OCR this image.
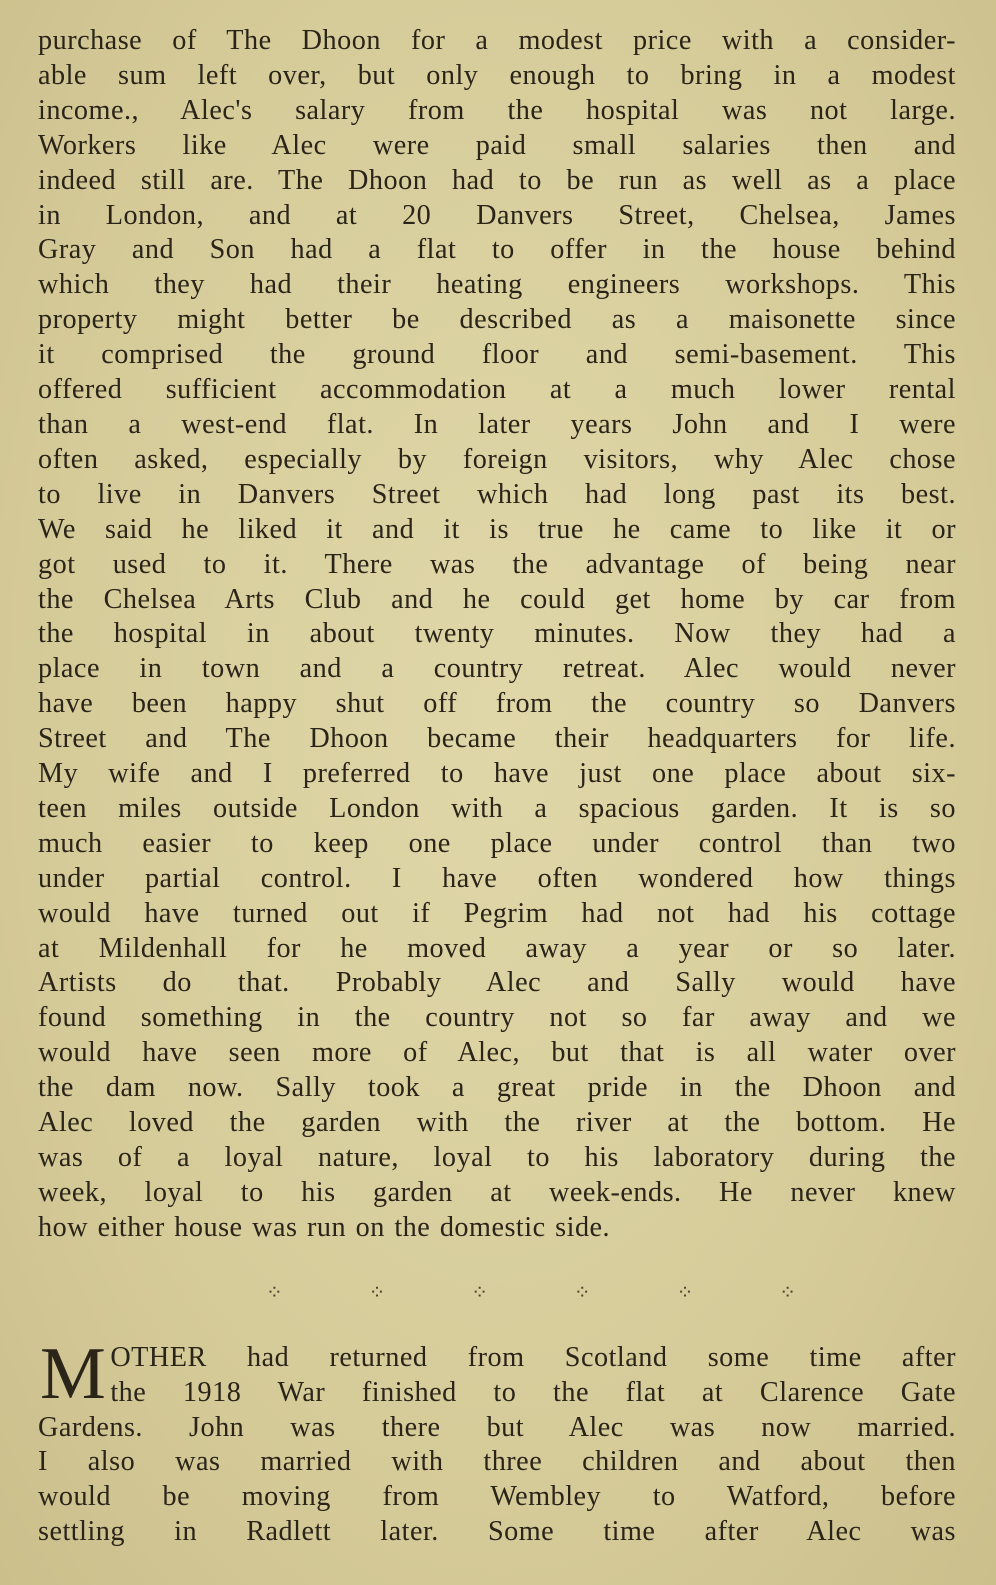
purchase of The Dhoon for a modest price with a consider-
able sum left over, but only enough to bring in a modest
income., Alec's salary from the hospital was not large.
Workers like Alec were paid small salaries then and
indeed still are. The Dhoon had to be run as well as a place
in London, and at 20 Danvers Street, Chelsea, James
Gray and Son had a flat to offer in the house behind
which they had their heating engineers workshops. This
property might better be described as a maisonette since
it comprised the ground floor and semi-basement. This
offered sufficient accommodation at a much lower rental
than a west-end flat. In later years John and I were
often asked, especially by foreign visitors, why Alec chose
to live in Danvers Street which had long past its best.
We said he liked it and it is true he came to like it or
got used to it. There was the advantage of being near
the Chelsea Arts Club and he could get home by car from
the hospital in about twenty minutes. Now they had a
place in town and a country retreat. Alec would never
have been happy shut off from the country so Danvers
Street and The Dhoon became their headquarters for life.
My wife and I preferred to have just one place about six-
teen miles outside London with a spacious garden. It is so
much easier to keep one place under control than two
under partial control. I have often wondered how things
would have turned out if Pegrim had not had his cottage
at Mildenhall for he moved away a year or so later.
Artists do that. Probably Alec and Sally would have
found something in the country not so far away and we
would have seen more of Alec, but that is all water over
the dam now. Sally took a great pride in the Dhoon and
Alec loved the garden with the river at the bottom. He
was of a loyal nature, loyal to his laboratory during the
week, loyal to his garden at week-ends. He never knew
how either house was run on the domestic side.

⁘	⁘	⁘	⁘	⁘	⁘

M OTHER had returned from Scotland some time after
the 1918 War finished to the flat at Clarence Gate
Gardens. John was there but Alec was now married.
I also was married with three children and about then
would be moving from Wembley to Watford, before
settling in Radlett later. Some time after Alec was
